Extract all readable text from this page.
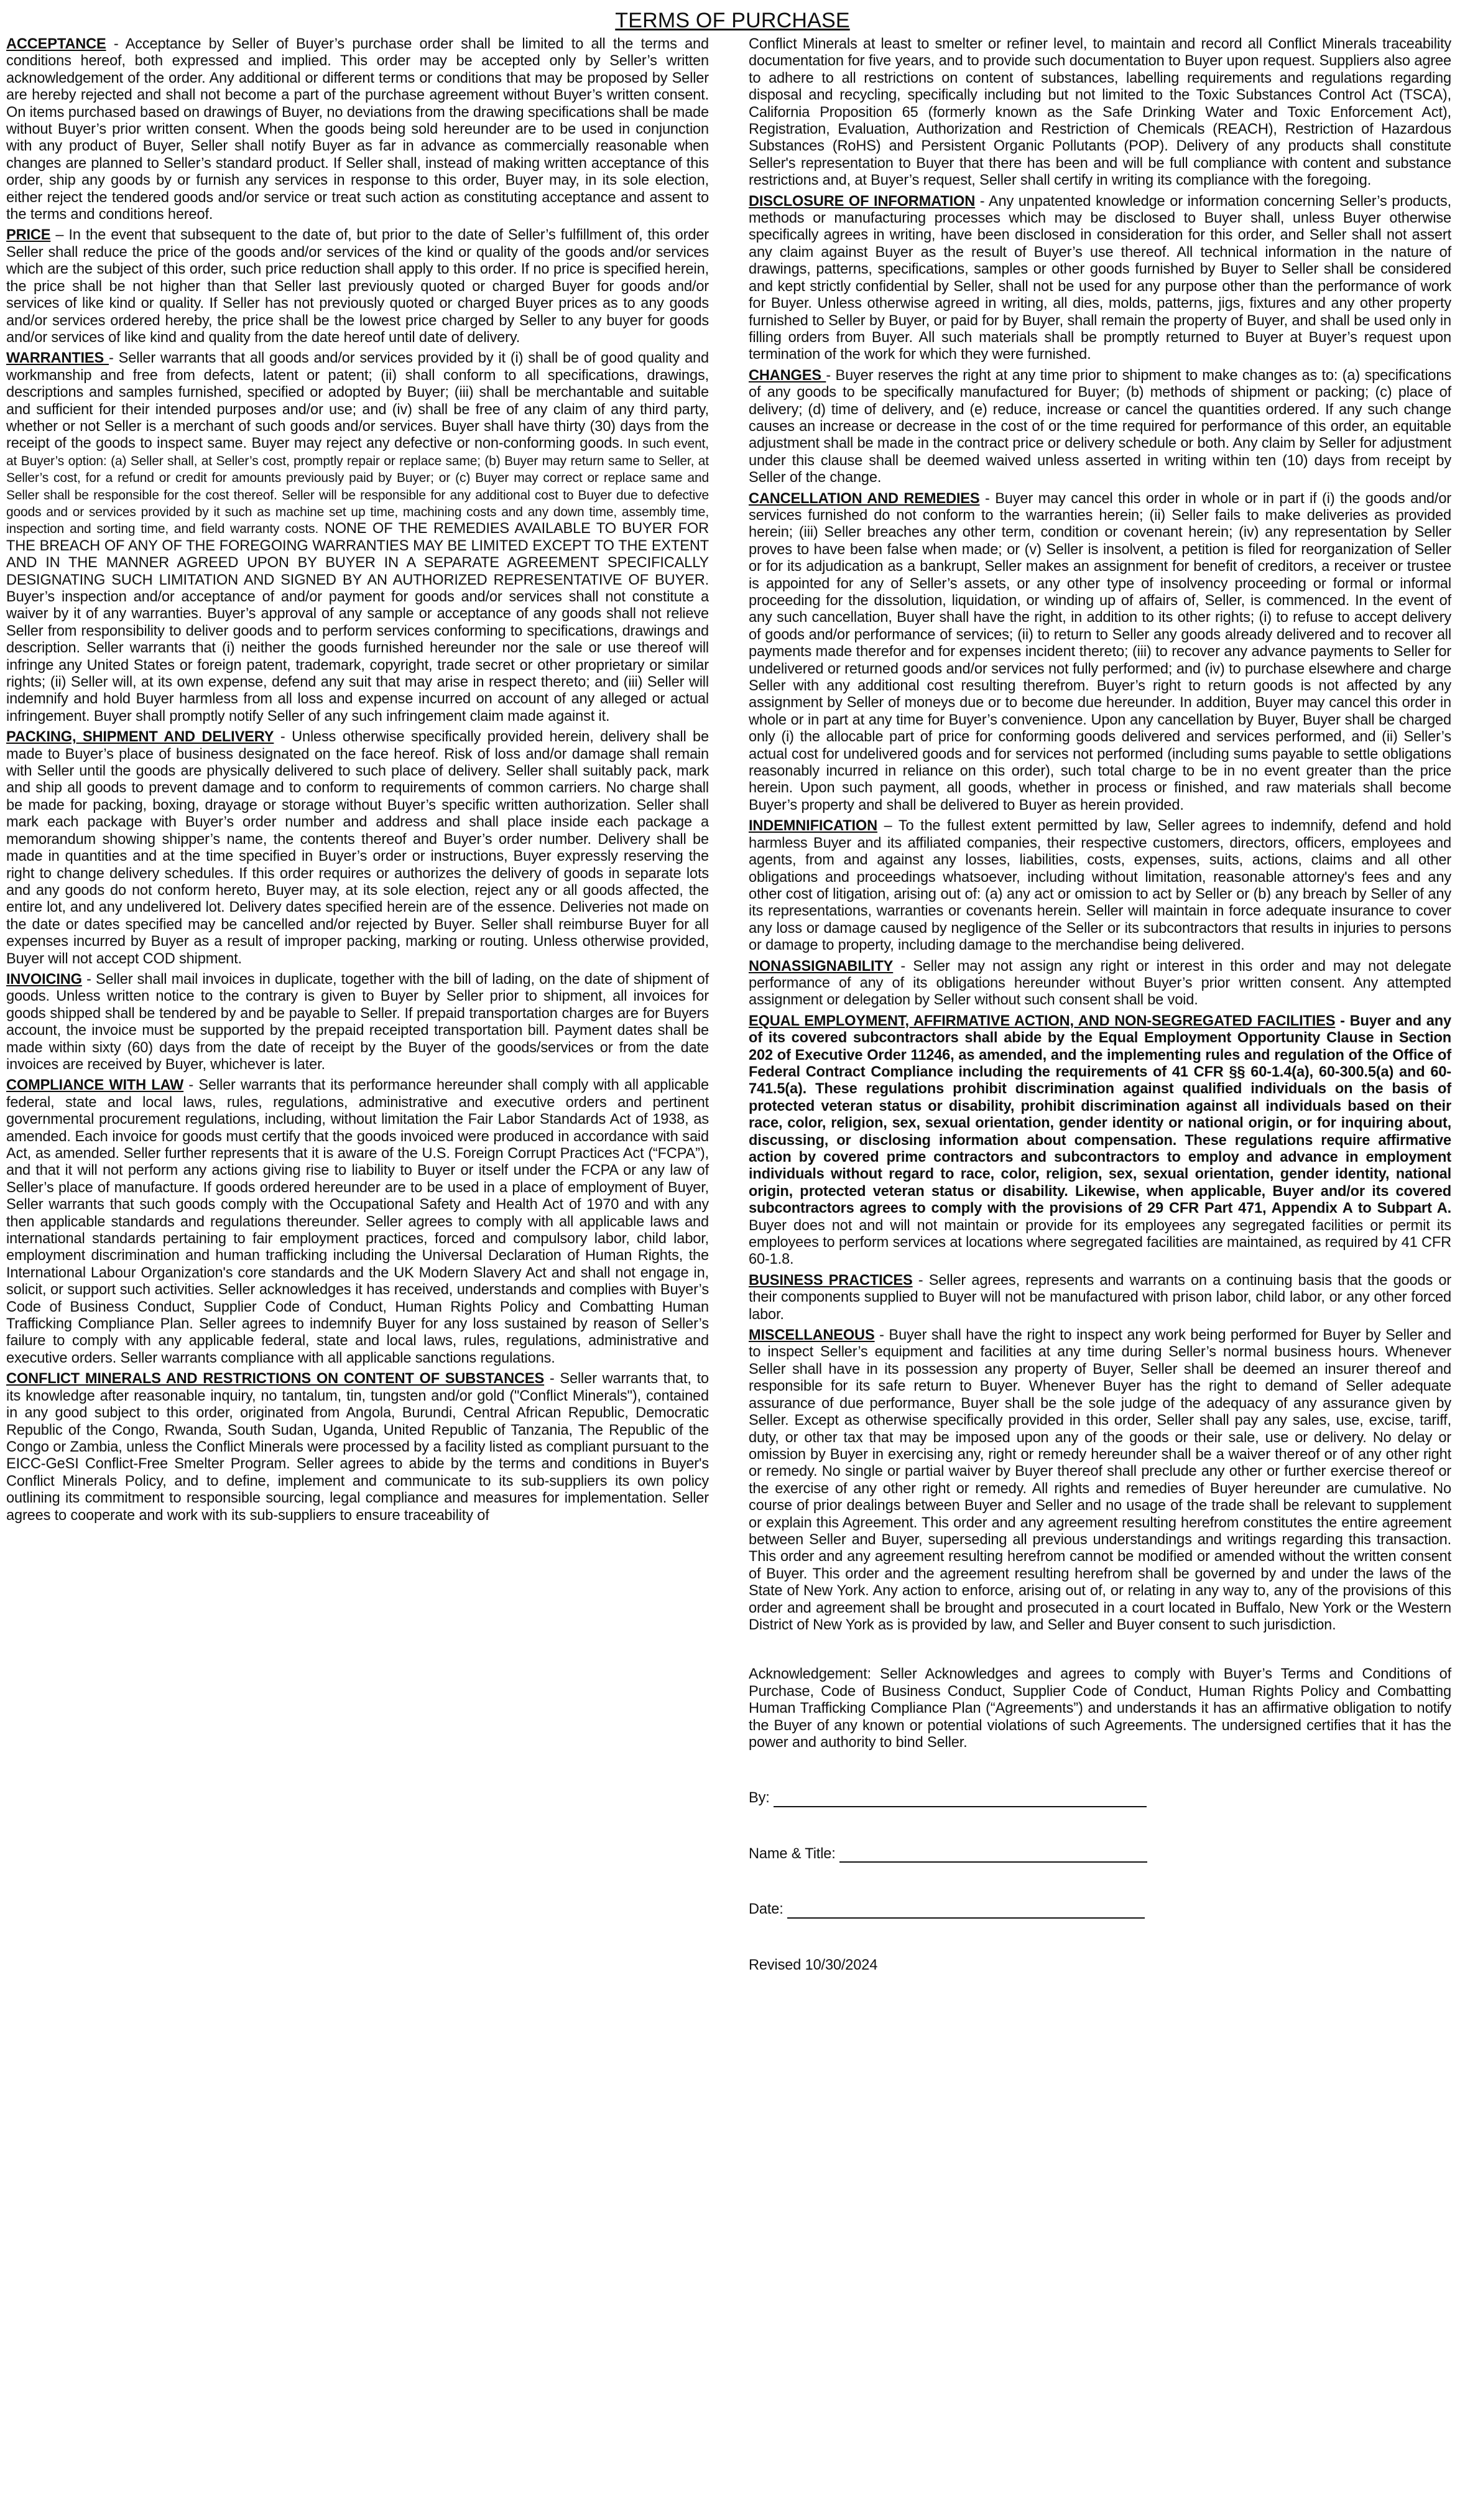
TERMS OF PURCHASE

ACCEPTANCE - Acceptance by Seller of Buyer’s purchase order shall be limited to all the terms and conditions hereof, both expressed and implied. This order may be accepted only by Seller’s written acknowledgement of the order. Any additional or different terms or conditions that may be proposed by Seller are hereby rejected and shall not become a part of the purchase agreement without Buyer’s written consent. On items purchased based on drawings of Buyer, no deviations from the drawing specifications shall be made without Buyer’s prior written consent. When the goods being sold hereunder are to be used in conjunction with any product of Buyer, Seller shall notify Buyer as far in advance as commercially reasonable when changes are planned to Seller’s standard product. If Seller shall, instead of making written acceptance of this order, ship any goods by or furnish any services in response to this order, Buyer may, in its sole election, either reject the tendered goods and/or service or treat such action as constituting acceptance and assent to the terms and conditions hereof.

PRICE – In the event that subsequent to the date of, but prior to the date of Seller’s fulfillment of, this order Seller shall reduce the price of the goods and/or services of the kind or quality of the goods and/or services which are the subject of this order, such price reduction shall apply to this order. If no price is specified herein, the price shall be not higher than that Seller last previously quoted or charged Buyer for goods and/or services of like kind or quality. If Seller has not previously quoted or charged Buyer prices as to any goods and/or services ordered hereby, the price shall be the lowest price charged by Seller to any buyer for goods and/or services of like kind and quality from the date hereof until date of delivery.

WARRANTIES - Seller warrants that all goods and/or services provided by it (i) shall be of good quality and workmanship and free from defects, latent or patent; (ii) shall conform to all specifications, drawings, descriptions and samples furnished, specified or adopted by Buyer; (iii) shall be merchantable and suitable and sufficient for their intended purposes and/or use; and (iv) shall be free of any claim of any third party, whether or not Seller is a merchant of such goods and/or services. Buyer shall have thirty (30) days from the receipt of the goods to inspect same. Buyer may reject any defective or non-conforming goods. In such event, at Buyer’s option: (a) Seller shall, at Seller’s cost, promptly repair or replace same; (b) Buyer may return same to Seller, at Seller’s cost, for a refund or credit for amounts previously paid by Buyer; or (c) Buyer may correct or replace same and Seller shall be responsible for the cost thereof. Seller will be responsible for any additional cost to Buyer due to defective goods and or services provided by it such as machine set up time, machining costs and any down time, assembly time, inspection and sorting time, and field warranty costs. NONE OF THE REMEDIES AVAILABLE TO BUYER FOR THE BREACH OF ANY OF THE FOREGOING WARRANTIES MAY BE LIMITED EXCEPT TO THE EXTENT AND IN THE MANNER AGREED UPON BY BUYER IN A SEPARATE AGREEMENT SPECIFICALLY DESIGNATING SUCH LIMITATION AND SIGNED BY AN AUTHORIZED REPRESENTATIVE OF BUYER. Buyer’s inspection and/or acceptance of and/or payment for goods and/or services shall not constitute a waiver by it of any warranties. Buyer’s approval of any sample or acceptance of any goods shall not relieve Seller from responsibility to deliver goods and to perform services conforming to specifications, drawings and description. Seller warrants that (i) neither the goods furnished hereunder nor the sale or use thereof will infringe any United States or foreign patent, trademark, copyright, trade secret or other proprietary or similar rights; (ii) Seller will, at its own expense, defend any suit that may arise in respect thereto; and (iii) Seller will indemnify and hold Buyer harmless from all loss and expense incurred on account of any alleged or actual infringement. Buyer shall promptly notify Seller of any such infringement claim made against it.

PACKING, SHIPMENT AND DELIVERY - Unless otherwise specifically provided herein, delivery shall be made to Buyer’s place of business designated on the face hereof. Risk of loss and/or damage shall remain with Seller until the goods are physically delivered to such place of delivery. Seller shall suitably pack, mark and ship all goods to prevent damage and to conform to requirements of common carriers. No charge shall be made for packing, boxing, drayage or storage without Buyer’s specific written authorization. Seller shall mark each package with Buyer’s order number and address and shall place inside each package a memorandum showing shipper’s name, the contents thereof and Buyer’s order number. Delivery shall be made in quantities and at the time specified in Buyer’s order or instructions, Buyer expressly reserving the right to change delivery schedules. If this order requires or authorizes the delivery of goods in separate lots and any goods do not conform hereto, Buyer may, at its sole election, reject any or all goods affected, the entire lot, and any undelivered lot. Delivery dates specified herein are of the essence. Deliveries not made on the date or dates specified may be cancelled and/or rejected by Buyer. Seller shall reimburse Buyer for all expenses incurred by Buyer as a result of improper packing, marking or routing. Unless otherwise provided, Buyer will not accept COD shipment.

INVOICING - Seller shall mail invoices in duplicate, together with the bill of lading, on the date of shipment of goods. Unless written notice to the contrary is given to Buyer by Seller prior to shipment, all invoices for goods shipped shall be tendered by and be payable to Seller. If prepaid transportation charges are for Buyers account, the invoice must be supported by the prepaid receipted transportation bill. Payment dates shall be made within sixty (60) days from the date of receipt by the Buyer of the goods/services or from the date invoices are received by Buyer, whichever is later.

COMPLIANCE WITH LAW - Seller warrants that its performance hereunder shall comply with all applicable federal, state and local laws, rules, regulations, administrative and executive orders and pertinent governmental procurement regulations, including, without limitation the Fair Labor Standards Act of 1938, as amended. Each invoice for goods must certify that the goods invoiced were produced in accordance with said Act, as amended. Seller further represents that it is aware of the U.S. Foreign Corrupt Practices Act (“FCPA”), and that it will not perform any actions giving rise to liability to Buyer or itself under the FCPA or any law of Seller’s place of manufacture. If goods ordered hereunder are to be used in a place of employment of Buyer, Seller warrants that such goods comply with the Occupational Safety and Health Act of 1970 and with any then applicable standards and regulations thereunder. Seller agrees to comply with all applicable laws and international standards pertaining to fair employment practices, forced and compulsory labor, child labor, employment discrimination and human trafficking including the Universal Declaration of Human Rights, the International Labour Organization's core standards and the UK Modern Slavery Act and shall not engage in, solicit, or support such activities. Seller acknowledges it has received, understands and complies with Buyer’s Code of Business Conduct, Supplier Code of Conduct, Human Rights Policy and Combatting Human Trafficking Compliance Plan. Seller agrees to indemnify Buyer for any loss sustained by reason of Seller’s failure to comply with any applicable federal, state and local laws, rules, regulations, administrative and executive orders. Seller warrants compliance with all applicable sanctions regulations.

CONFLICT MINERALS AND RESTRICTIONS ON CONTENT OF SUBSTANCES - Seller warrants that, to its knowledge after reasonable inquiry, no tantalum, tin, tungsten and/or gold ("Conflict Minerals"), contained in any good subject to this order, originated from Angola, Burundi, Central African Republic, Democratic Republic of the Congo, Rwanda, South Sudan, Uganda, United Republic of Tanzania, The Republic of the Congo or Zambia, unless the Conflict Minerals were processed by a facility listed as compliant pursuant to the EICC-GeSI Conflict-Free Smelter Program. Seller agrees to abide by the terms and conditions in Buyer's Conflict Minerals Policy, and to define, implement and communicate to its sub-suppliers its own policy outlining its commitment to responsible sourcing, legal compliance and measures for implementation. Seller agrees to cooperate and work with its sub-suppliers to ensure traceability of

Conflict Minerals at least to smelter or refiner level, to maintain and record all Conflict Minerals traceability documentation for five years, and to provide such documentation to Buyer upon request. Suppliers also agree to adhere to all restrictions on content of substances, labelling requirements and regulations regarding disposal and recycling, specifically including but not limited to the Toxic Substances Control Act (TSCA), California Proposition 65 (formerly known as the Safe Drinking Water and Toxic Enforcement Act), Registration, Evaluation, Authorization and Restriction of Chemicals (REACH), Restriction of Hazardous Substances (RoHS) and Persistent Organic Pollutants (POP). Delivery of any products shall constitute Seller's representation to Buyer that there has been and will be full compliance with content and substance restrictions and, at Buyer’s request, Seller shall certify in writing its compliance with the foregoing.

DISCLOSURE OF INFORMATION - Any unpatented knowledge or information concerning Seller’s products, methods or manufacturing processes which may be disclosed to Buyer shall, unless Buyer otherwise specifically agrees in writing, have been disclosed in consideration for this order, and Seller shall not assert any claim against Buyer as the result of Buyer’s use thereof. All technical information in the nature of drawings, patterns, specifications, samples or other goods furnished by Buyer to Seller shall be considered and kept strictly confidential by Seller, shall not be used for any purpose other than the performance of work for Buyer. Unless otherwise agreed in writing, all dies, molds, patterns, jigs, fixtures and any other property furnished to Seller by Buyer, or paid for by Buyer, shall remain the property of Buyer, and shall be used only in filling orders from Buyer. All such materials shall be promptly returned to Buyer at Buyer’s request upon termination of the work for which they were furnished.

CHANGES - Buyer reserves the right at any time prior to shipment to make changes as to: (a) specifications of any goods to be specifically manufactured for Buyer; (b) methods of shipment or packing; (c) place of delivery; (d) time of delivery, and (e) reduce, increase or cancel the quantities ordered. If any such change causes an increase or decrease in the cost of or the time required for performance of this order, an equitable adjustment shall be made in the contract price or delivery schedule or both. Any claim by Seller for adjustment under this clause shall be deemed waived unless asserted in writing within ten (10) days from receipt by Seller of the change.

CANCELLATION AND REMEDIES - Buyer may cancel this order in whole or in part if (i) the goods and/or services furnished do not conform to the warranties herein; (ii) Seller fails to make deliveries as provided herein; (iii) Seller breaches any other term, condition or covenant herein; (iv) any representation by Seller proves to have been false when made; or (v) Seller is insolvent, a petition is filed for reorganization of Seller or for its adjudication as a bankrupt, Seller makes an assignment for benefit of creditors, a receiver or trustee is appointed for any of Seller’s assets, or any other type of insolvency proceeding or formal or informal proceeding for the dissolution, liquidation, or winding up of affairs of, Seller, is commenced. In the event of any such cancellation, Buyer shall have the right, in addition to its other rights; (i) to refuse to accept delivery of goods and/or performance of services; (ii) to return to Seller any goods already delivered and to recover all payments made therefor and for expenses incident thereto; (iii) to recover any advance payments to Seller for undelivered or returned goods and/or services not fully performed; and (iv) to purchase elsewhere and charge Seller with any additional cost resulting therefrom. Buyer’s right to return goods is not affected by any assignment by Seller of moneys due or to become due hereunder. In addition, Buyer may cancel this order in whole or in part at any time for Buyer’s convenience. Upon any cancellation by Buyer, Buyer shall be charged only (i) the allocable part of price for conforming goods delivered and services performed, and (ii) Seller’s actual cost for undelivered goods and for services not performed (including sums payable to settle obligations reasonably incurred in reliance on this order), such total charge to be in no event greater than the price herein. Upon such payment, all goods, whether in process or finished, and raw materials shall become Buyer’s property and shall be delivered to Buyer as herein provided.

INDEMNIFICATION – To the fullest extent permitted by law, Seller agrees to indemnify, defend and hold harmless Buyer and its affiliated companies, their respective customers, directors, officers, employees and agents, from and against any losses, liabilities, costs, expenses, suits, actions, claims and all other obligations and proceedings whatsoever, including without limitation, reasonable attorney's fees and any other cost of litigation, arising out of: (a) any act or omission to act by Seller or (b) any breach by Seller of any its representations, warranties or covenants herein. Seller will maintain in force adequate insurance to cover any loss or damage caused by negligence of the Seller or its subcontractors that results in injuries to persons or damage to property, including damage to the merchandise being delivered.

NONASSIGNABILITY - Seller may not assign any right or interest in this order and may not delegate performance of any of its obligations hereunder without Buyer’s prior written consent. Any attempted assignment or delegation by Seller without such consent shall be void.

EQUAL EMPLOYMENT, AFFIRMATIVE ACTION, AND NON-SEGREGATED FACILITIES - Buyer and any of its covered subcontractors shall abide by the Equal Employment Opportunity Clause in Section 202 of Executive Order 11246, as amended, and the implementing rules and regulation of the Office of Federal Contract Compliance including the requirements of 41 CFR §§ 60-1.4(a), 60-300.5(a) and 60-741.5(a). These regulations prohibit discrimination against qualified individuals on the basis of protected veteran status or disability, prohibit discrimination against all individuals based on their race, color, religion, sex, sexual orientation, gender identity or national origin, or for inquiring about, discussing, or disclosing information about compensation. These regulations require affirmative action by covered prime contractors and subcontractors to employ and advance in employment individuals without regard to race, color, religion, sex, sexual orientation, gender identity, national origin, protected veteran status or disability. Likewise, when applicable, Buyer and/or its covered subcontractors agrees to comply with the provisions of 29 CFR Part 471, Appendix A to Subpart A. Buyer does not and will not maintain or provide for its employees any segregated facilities or permit its employees to perform services at locations where segregated facilities are maintained, as required by 41 CFR 60-1.8.

BUSINESS PRACTICES - Seller agrees, represents and warrants on a continuing basis that the goods or their components supplied to Buyer will not be manufactured with prison labor, child labor, or any other forced labor.

MISCELLANEOUS - Buyer shall have the right to inspect any work being performed for Buyer by Seller and to inspect Seller’s equipment and facilities at any time during Seller’s normal business hours. Whenever Seller shall have in its possession any property of Buyer, Seller shall be deemed an insurer thereof and responsible for its safe return to Buyer. Whenever Buyer has the right to demand of Seller adequate assurance of due performance, Buyer shall be the sole judge of the adequacy of any assurance given by Seller. Except as otherwise specifically provided in this order, Seller shall pay any sales, use, excise, tariff, duty, or other tax that may be imposed upon any of the goods or their sale, use or delivery. No delay or omission by Buyer in exercising any, right or remedy hereunder shall be a waiver thereof or of any other right or remedy. No single or partial waiver by Buyer thereof shall preclude any other or further exercise thereof or the exercise of any other right or remedy. All rights and remedies of Buyer hereunder are cumulative. No course of prior dealings between Buyer and Seller and no usage of the trade shall be relevant to supplement or explain this Agreement. This order and any agreement resulting herefrom constitutes the entire agreement between Seller and Buyer, superseding all previous understandings and writings regarding this transaction. This order and any agreement resulting herefrom cannot be modified or amended without the written consent of Buyer. This order and the agreement resulting herefrom shall be governed by and under the laws of the State of New York. Any action to enforce, arising out of, or relating in any way to, any of the provisions of this order and agreement shall be brought and prosecuted in a court located in Buffalo, New York or the Western District of New York as is provided by law, and Seller and Buyer consent to such jurisdiction.

Acknowledgement: Seller Acknowledges and agrees to comply with Buyer’s Terms and Conditions of Purchase, Code of Business Conduct, Supplier Code of Conduct, Human Rights Policy and Combatting Human Trafficking Compliance Plan (“Agreements”) and understands it has an affirmative obligation to notify the Buyer of any known or potential violations of such Agreements. The undersigned certifies that it has the power and authority to bind Seller.

By:
Name & Title:
Date:
Revised 10/30/2024
